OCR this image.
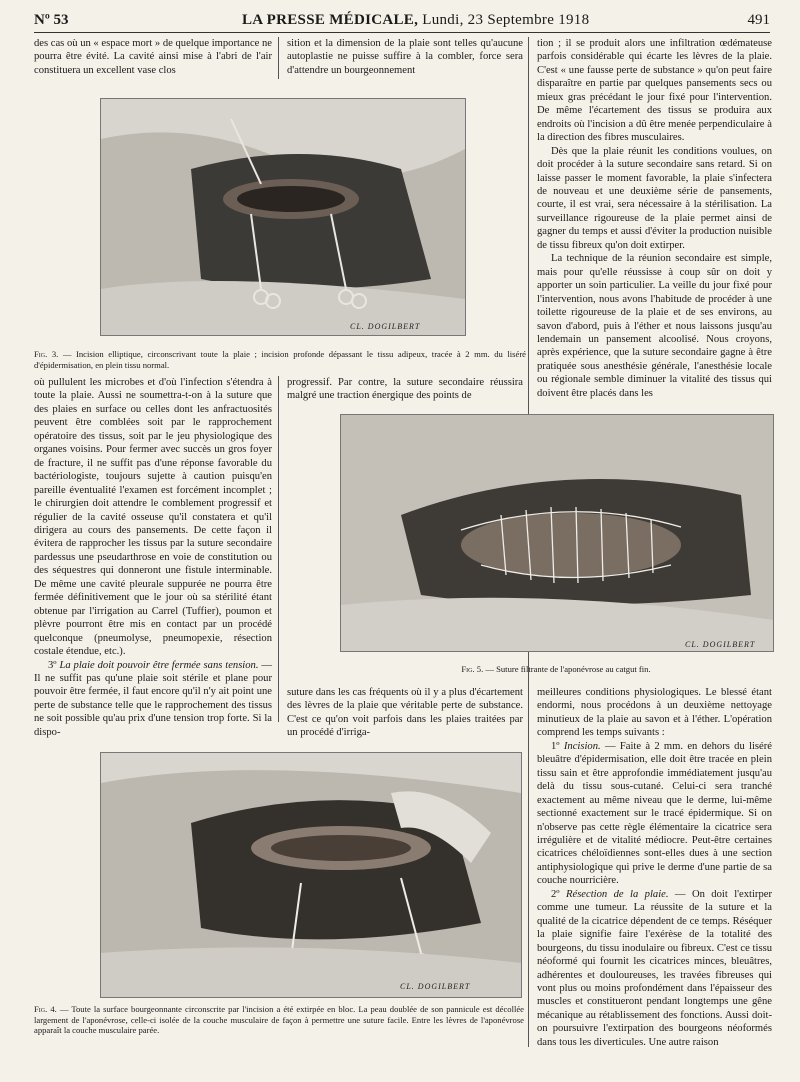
Nº 53	LA PRESSE MÉDICALE, Lundi, 23 Septembre 1918	491

des cas où un « espace mort » de quelque importance ne pourra être évité. La cavité ainsi mise à l'abri de l'air constituera un excellent vase clos

sition et la dimension de la plaie sont telles qu'aucune autoplastie ne puisse suffire à la combler, force sera d'attendre un bourgeonnement

CL. DOGILBERT
Fig. 3. — Incision elliptique, circonscrivant toute la plaie ; incision profonde dépassant le tissu adipeux, tracée à 2 mm. du liséré d'épidermisation, en plein tissu normal.

tion ; il se produit alors une infiltration œdémateuse parfois considérable qui écarte les lèvres de la plaie. C'est « une fausse perte de substance » qu'on peut faire disparaître en partie par quelques pansements secs ou mieux gras précédant le jour fixé pour l'intervention. De même l'écartement des tissus se produira aux endroits où l'incision a dû être menée perpendiculaire à la direction des fibres musculaires.

Dès que la plaie réunit les conditions voulues, on doit procéder à la suture secondaire sans retard. Si on laisse passer le moment favorable, la plaie s'infectera de nouveau et une deuxième série de pansements, courte, il est vrai, sera nécessaire à la stérilisation. La surveillance rigoureuse de la plaie permet ainsi de gagner du temps et aussi d'éviter la production nuisible de tissu fibreux qu'on doit extirper.

La technique de la réunion secondaire est simple, mais pour qu'elle réussisse à coup sûr on doit y apporter un soin particulier. La veille du jour fixé pour l'intervention, nous avons l'habitude de procéder à une toilette rigoureuse de la plaie et de ses environs, au savon d'abord, puis à l'éther et nous laissons jusqu'au lendemain un pansement alcoolisé. Nous croyons, après expérience, que la suture secondaire gagne à être pratiquée sous anesthésie générale, l'anesthésie locale ou régionale semble diminuer la vitalité des tissus qui doivent être placés dans les

où pullulent les microbes et d'où l'infection s'étendra à toute la plaie. Aussi ne soumettra-t-on à la suture que des plaies en surface ou celles dont les anfractuosités peuvent être comblées soit par le rapprochement opératoire des tissus, soit par le jeu physiologique des organes voisins. Pour fermer avec succès un gros foyer de fracture, il ne suffit pas d'une réponse favorable du bactériologiste, toujours sujette à caution puisqu'en pareille éventualité l'examen est forcément incomplet ; le chirurgien doit attendre le comblement progressif et régulier de la cavité osseuse qu'il constatera et qu'il dirigera au cours des pansements. De cette façon il évitera de rapprocher les tissus par la suture secondaire pardessus une pseudarthrose en voie de constitution ou des séquestres qui donneront une fistule interminable. De même une cavité pleurale suppurée ne pourra être fermée définitivement que le jour où sa stérilité étant obtenue par l'irrigation au Carrel (Tuffier), poumon et plèvre pourront être mis en contact par un procédé quelconque (pneumolyse, pneumopexie, résection costale étendue, etc.).

3º La plaie doit pouvoir être fermée sans tension. — Il ne suffit pas qu'une plaie soit stérile et plane pour pouvoir être fermée, il faut encore qu'il n'y ait point une perte de substance telle que le rapprochement des tissus ne soit possible qu'au prix d'une tension trop forte. Si la dispo-

progressif. Par contre, la suture secondaire réussira malgré une traction énergique des points de

CL. DOGILBERT
Fig. 5. — Suture filtrante de l'aponévrose au catgut fin.

suture dans les cas fréquents où il y a plus d'écartement des lèvres de la plaie que véritable perte de substance. C'est ce qu'on voit parfois dans les plaies traitées par un procédé d'irriga-

meilleures conditions physiologiques. Le blessé étant endormi, nous procédons à un deuxième nettoyage minutieux de la plaie au savon et à l'éther. L'opération comprend les temps suivants :

1º Incision. — Faite à 2 mm. en dehors du liséré bleuâtre d'épidermisation, elle doit être tracée en plein tissu sain et être approfondie immédiatement jusqu'au delà du tissu sous-cutané. Celui-ci sera tranché exactement au même niveau que le derme, lui-même sectionné exactement sur le tracé épidermique. Si on n'observe pas cette règle élémentaire la cicatrice sera irrégulière et de vitalité médiocre. Peut-être certaines cicatrices chéloïdiennes sont-elles dues à une section antiphysiologique qui prive le derme d'une partie de sa couche nourricière.

2º Résection de la plaie. — On doit l'extirper comme une tumeur. La réussite de la suture et la qualité de la cicatrice dépendent de ce temps. Réséquer la plaie signifie faire l'exérèse de la totalité des bourgeons, du tissu inodulaire ou fibreux. C'est ce tissu néoformé qui fournit les cicatrices minces, bleuâtres, adhérentes et douloureuses, les travées fibreuses qui vont plus ou moins profondément dans l'épaisseur des muscles et constitueront pendant longtemps une gêne mécanique au rétablissement des fonctions. Aussi doit-on poursuivre l'extirpation des bourgeons néoformés dans tous les diverticules. Une autre raison

CL. DOGILBERT
Fig. 4. — Toute la surface bourgeonnante circonscrite par l'incision a été extirpée en bloc. La peau doublée de son pannicule est décollée largement de l'aponévrose, celle-ci isolée de la couche musculaire de façon à permettre une suture facile. Entre les lèvres de l'aponévrose apparaît la couche musculaire parée.
